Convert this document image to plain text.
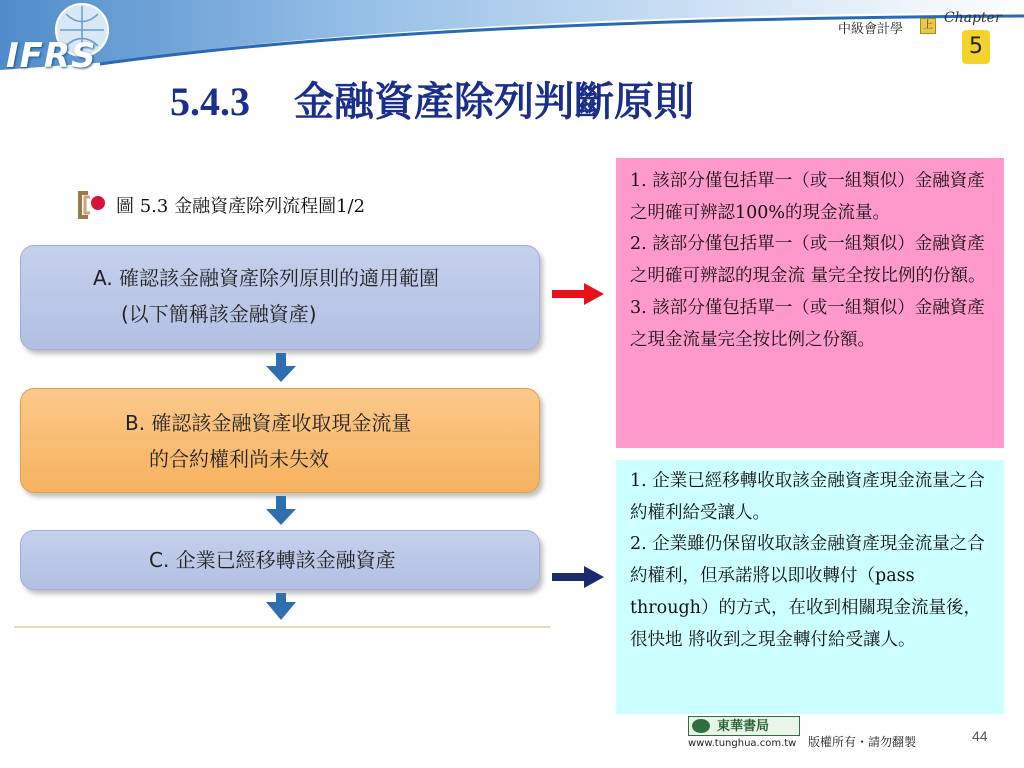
IFRS
中級會計學	上 Chapter
5
5.4.3 金融資產除列判斷原則
圖 5.3 金融資產除列流程圖1/2
A. 確認該金融資產除列原則的適用範圍
(以下簡稱該金融資產)
B. 確認該金融資產收取現金流量
的合約權利尚未失效
C. 企業已經移轉該金融資產

1. 該部分僅包括單一（或一組類似）金融資產之明確可辨認100%的現金流量。

2. 該部分僅包括單一（或一組類似）金融資產之明確可辨認的現金流 量完全按比例的份額。

3. 該部分僅包括單一（或一組類似）金融資產之現金流量完全按比例之份額。

1. 企業已經移轉收取該金融資產現金流量之合約權利給受讓人。

2. 企業雖仍保留收取該金融資產現金流量之合約權利，但承諾將以即收轉付（pass through）的方式，在收到相關現金流量後，很快地 將收到之現金轉付給受讓人。

東華書局
www.tunghua.com.tw 版權所有・請勿翻製	44
